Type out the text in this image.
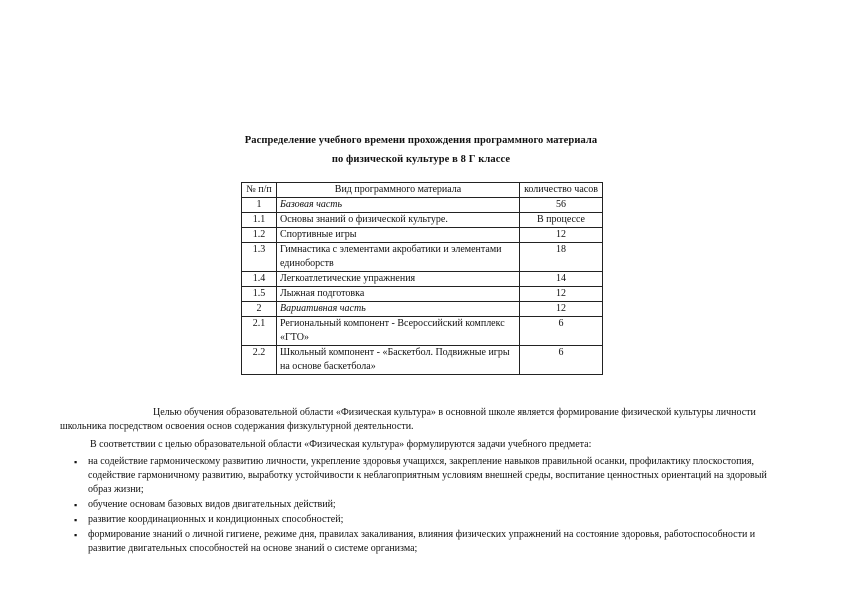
Распределение учебного времени прохождения программного материала
по физической культуре в 8 Г классе
№ п/п	Вид программного материала	количество часов
1	Базовая часть	56
1.1	Основы знаний о физической культуре.	В процессе
1.2	Спортивные игры	12
1.3	Гимнастика с элементами акробатики и элементами единоборств	18
1.4	Легкоатлетические упражнения	14
1.5	Лыжная подготовка	12
2	Вариативная часть	12
2.1	Региональный компонент - Всероссийский комплекс «ГТО»	6
2.2	Школьный компонент - «Баскетбол. Подвижные игры на основе баскетбола»	6
Целью обучения образовательной области «Физическая культура» в основной школе является формирование физической культуры личности школьника посредством освоения основ содержания физкультурной деятельности.
В соответствии с целью образовательной области «Физическая культура» формулируются задачи учебного предмета:
▪ на содействие гармоническому развитию личности, укрепление здоровья учащихся, закрепление навыков правильной осанки, профилактику плоскостопия, содействие гармоничному развитию, выработку устойчивости к неблагоприятным условиям внешней среды, воспитание ценностных ориентаций на здоровый образ жизни;
▪ обучение основам базовых видов двигательных действий;
▪ развитие координационных и кондиционных способностей;
▪ формирование знаний о личной гигиене, режиме дня, правилах закаливания, влияния физических упражнений на состояние здоровья, работоспособности и развитие двигательных способностей на основе знаний о системе организма;
